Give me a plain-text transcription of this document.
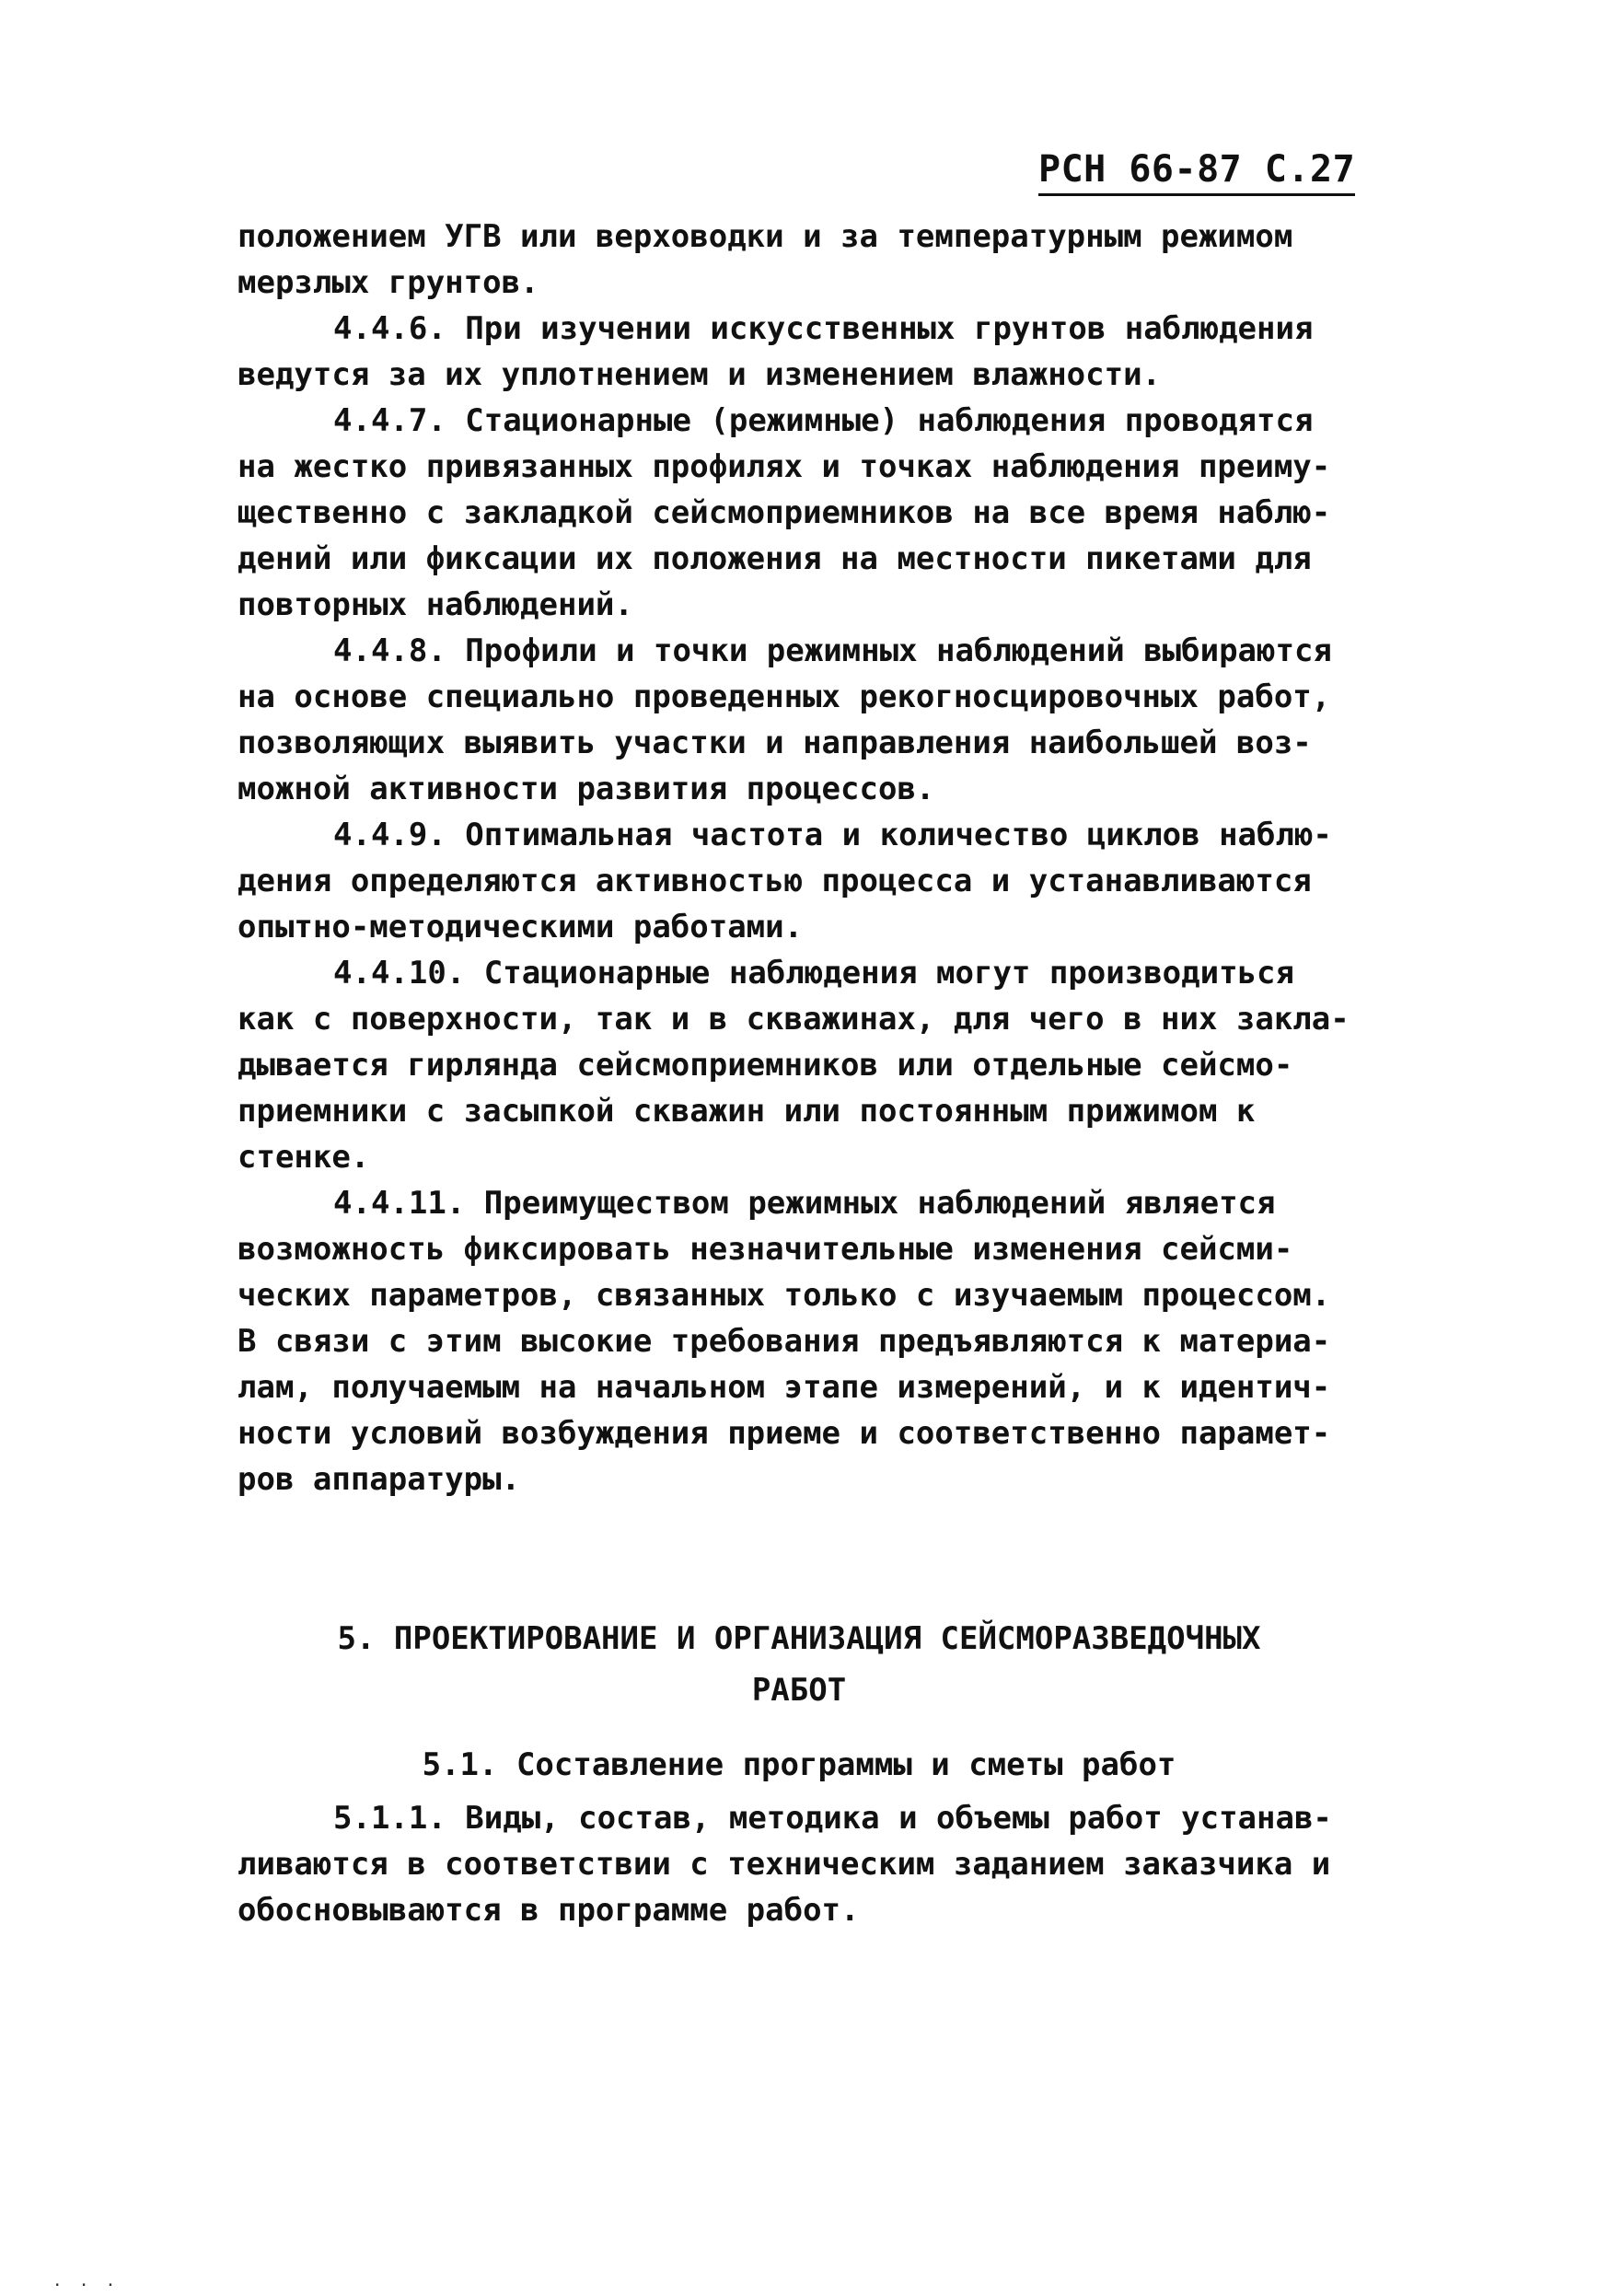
РСН 66-87 С.27
положением УГВ или верховодки и за температурным режимом
мерзлых грунтов.
4.4.6. При изучении искусственных грунтов наблюдения
ведутся за их уплотнением и изменением влажности.
4.4.7. Стационарные (режимные) наблюдения проводятся
на жестко привязанных профилях и точках наблюдения преиму-
щественно с закладкой сейсмоприемников на все время наблю-
дений или фиксации их положения на местности пикетами для
повторных наблюдений.
4.4.8. Профили и точки режимных наблюдений выбираются
на основе специально проведенных рекогносцировочных работ,
позволяющих выявить участки и направления наибольшей воз-
можной активности развития процессов.
4.4.9. Оптимальная частота и количество циклов наблю-
дения определяются активностью процесса и устанавливаются
опытно-методическими работами.
4.4.10. Стационарные наблюдения могут производиться
как с поверхности, так и в скважинах, для чего в них закла-
дывается гирлянда сейсмоприемников или отдельные сейсмо-
приемники с засыпкой скважин или постоянным прижимом к
стенке.
4.4.11. Преимуществом режимных наблюдений является
возможность фиксировать незначительные изменения сейсми-
ческих параметров, связанных только с изучаемым процессом.
В связи с этим высокие требования предъявляются к материа-
лам, получаемым на начальном этапе измерений, и к идентич-
ности условий возбуждения приеме и соответственно парамет-
ров аппаратуры.
5. ПРОЕКТИРОВАНИЕ И ОРГАНИЗАЦИЯ СЕЙСМОРАЗВЕДОЧНЫХ
РАБОТ
5.1. Составление программы и сметы работ
5.1.1. Виды, состав, методика и объемы работ устанав-
ливаются в соответствии с техническим заданием заказчика и
обосновываются в программе работ.
. . .
